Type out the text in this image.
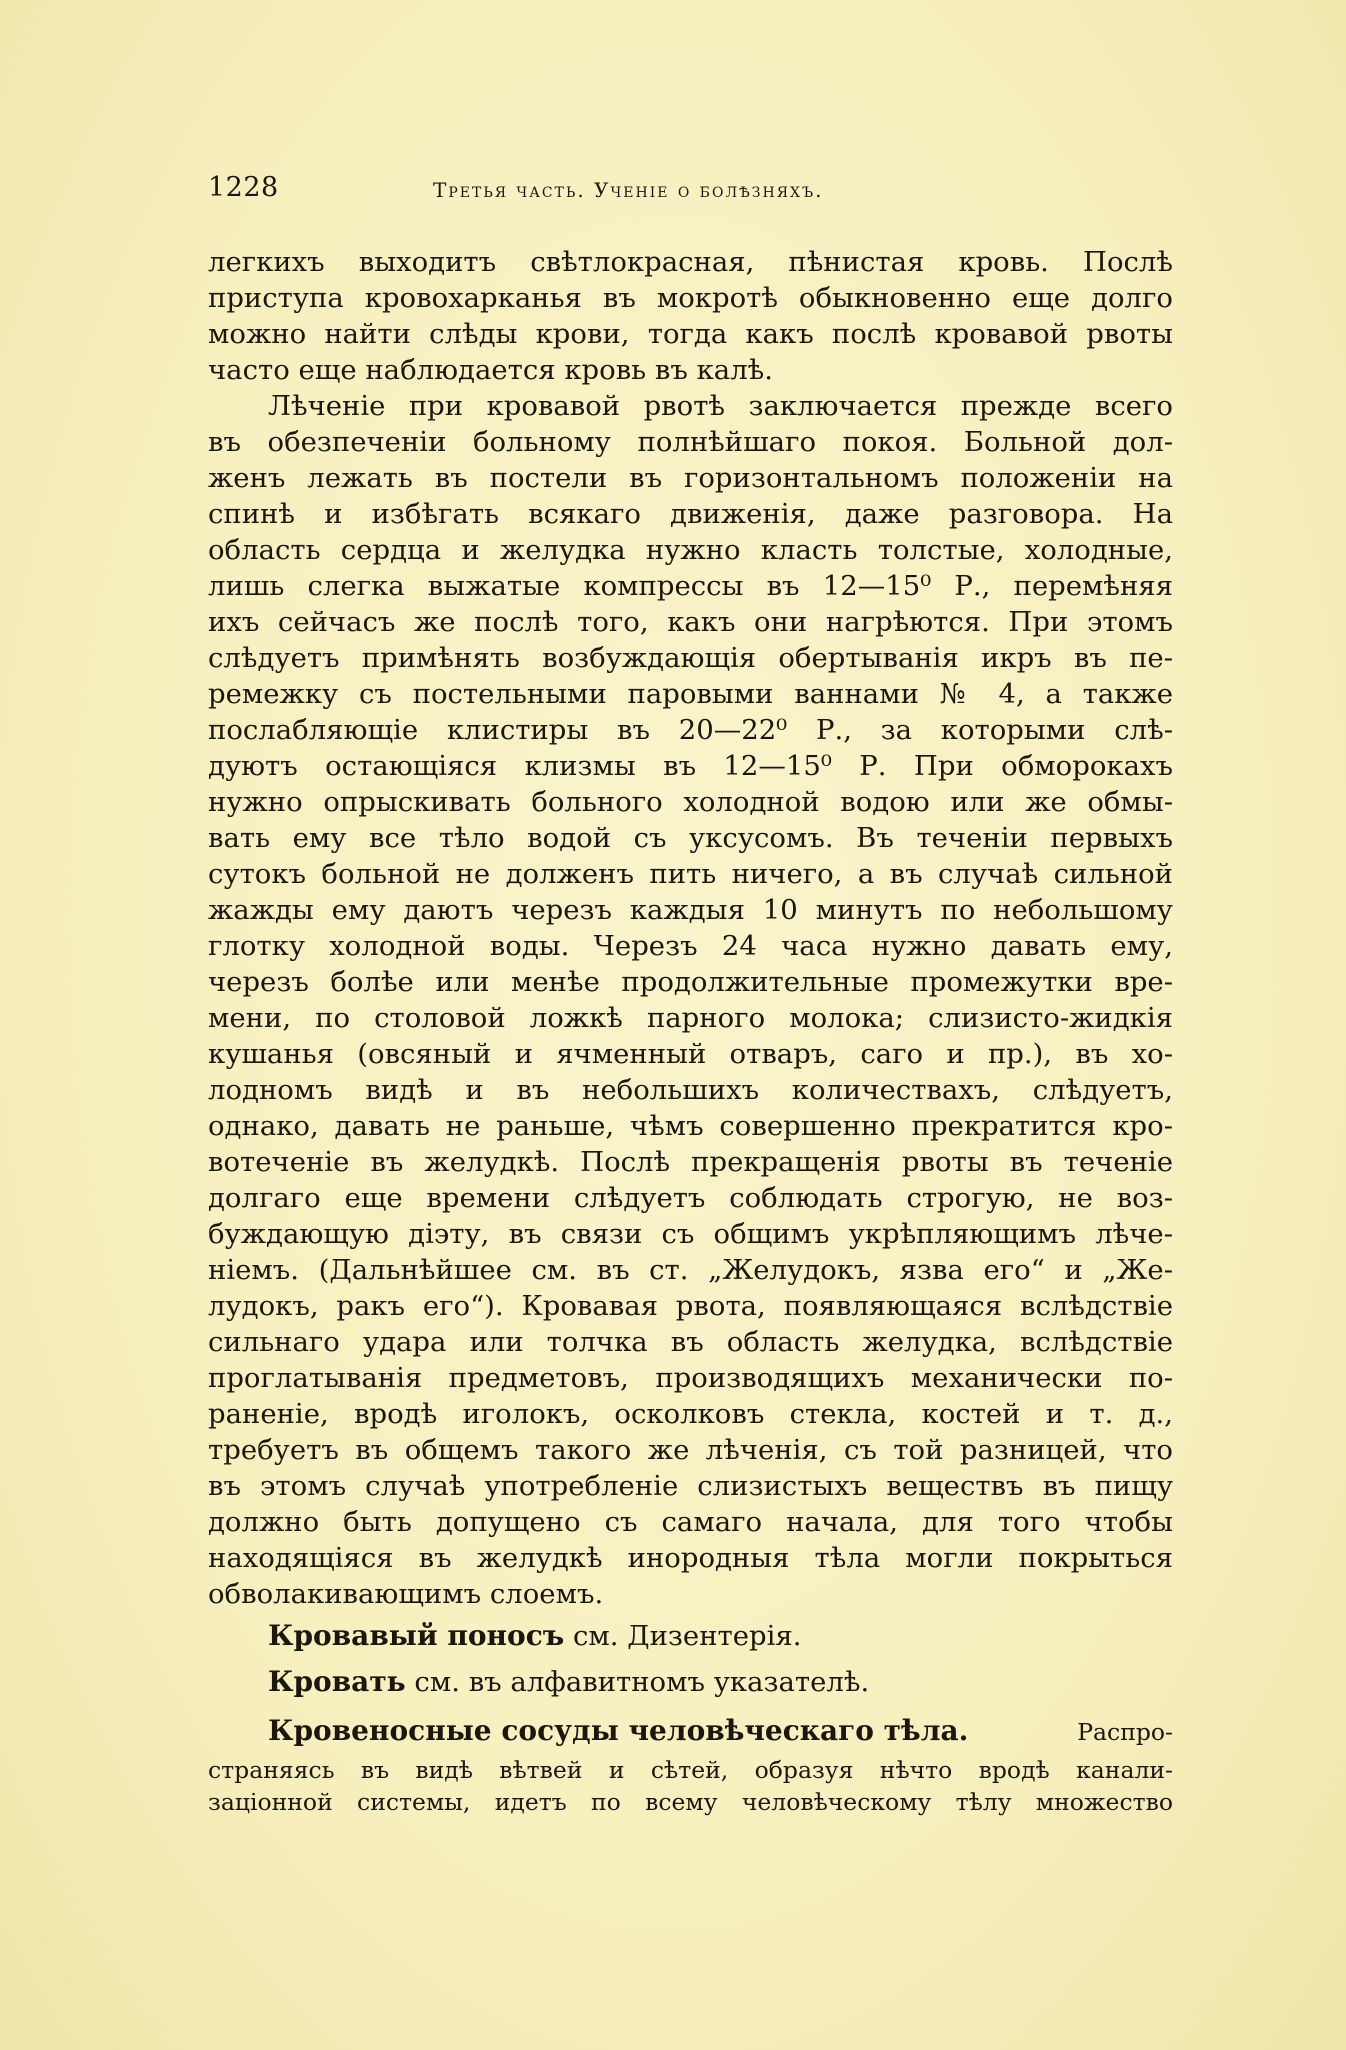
1228	Третья часть. Ученіе о болѣзняхъ.
легкихъ выходитъ свѣтлокрасная, пѣнистая кровь. Послѣ
приступа кровохарканья въ мокротѣ обыкновенно еще долго
можно найти слѣды крови, тогда какъ послѣ кровавой рвоты
часто еще наблюдается кровь въ калѣ.
Лѣченіе при кровавой рвотѣ заключается прежде всего
въ обезпеченіи больному полнѣйшаго покоя. Больной дол-
женъ лежать въ постели въ горизонтальномъ положеніи на
спинѣ и избѣгать всякаго движенія, даже разговора. На
область сердца и желудка нужно класть толстые, холодные,
лишь слегка выжатые компрессы въ 12—15⁰ Р., перемѣняя
ихъ сейчасъ же послѣ того, какъ они нагрѣются. При этомъ
слѣдуетъ примѣнять возбуждающія обертыванія икръ въ пе-
ремежку съ постельными паровыми ваннами № 4, а также
послабляющіе клистиры въ 20—22⁰ Р., за которыми слѣ-
дуютъ остающіяся клизмы въ 12—15⁰ Р. При обморокахъ
нужно опрыскивать больного холодной водою или же обмы-
вать ему все тѣло водой съ уксусомъ. Въ теченіи первыхъ
сутокъ больной не долженъ пить ничего, а въ случаѣ сильной
жажды ему даютъ черезъ каждыя 10 минутъ по небольшому
глотку холодной воды. Черезъ 24 часа нужно давать ему,
черезъ болѣе или менѣе продолжительные промежутки вре-
мени, по столовой ложкѣ парного молока; слизисто-жидкія
кушанья (овсяный и ячменный отваръ, саго и пр.), въ хо-
лодномъ видѣ и въ небольшихъ количествахъ, слѣдуетъ,
однако, давать не раньше, чѣмъ совершенно прекратится кро-
вотеченіе въ желудкѣ. Послѣ прекращенія рвоты въ теченіе
долгаго еще времени слѣдуетъ соблюдать строгую, не воз-
буждающую діэту, въ связи съ общимъ укрѣпляющимъ лѣче-
ніемъ. (Дальнѣйшее см. въ ст. „Желудокъ, язва его“ и „Же-
лудокъ, ракъ его“). Кровавая рвота, появляющаяся вслѣдствіе
сильнаго удара или толчка въ область желудка, вслѣдствіе
проглатыванія предметовъ, производящихъ механически по-
раненіе, вродѣ иголокъ, осколковъ стекла, костей и т. д.,
требуетъ въ общемъ такого же лѣченія, съ той разницей, что
въ этомъ случаѣ употребленіе слизистыхъ веществъ въ пищу
должно быть допущено съ самаго начала, для того чтобы
находящіяся въ желудкѣ инородныя тѣла могли покрыться
обволакивающимъ слоемъ.
Кровавый поносъ см. Дизентерія.
Кровать см. въ алфавитномъ указателѣ.
Кровеносные сосуды человѣческаго тѣла.	Распро-
страняясь въ видѣ вѣтвей и сѣтей, образуя нѣчто вродѣ канали-
заціонной системы, идетъ по всему человѣческому тѣлу множество
